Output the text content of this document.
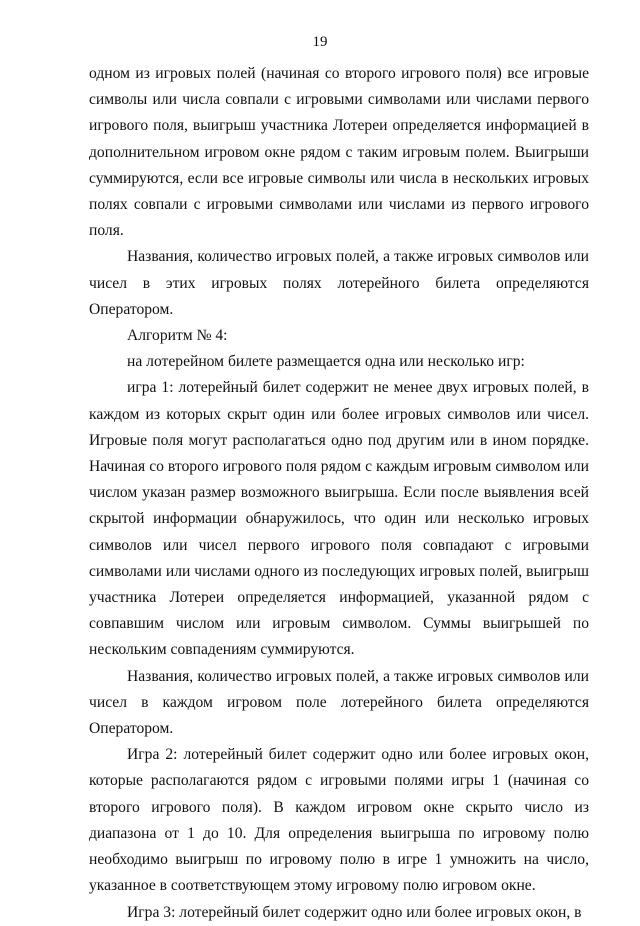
19

одном из игровых полей (начиная со второго игрового поля) все игровые символы или числа совпали с игровыми символами или числами первого игрового поля, выигрыш участника Лотереи определяется информацией в дополнительном игровом окне рядом с таким игровым полем. Выигрыши суммируются, если все игровые символы или числа в нескольких игровых полях совпали с игровыми символами или числами из первого игрового поля.

Названия, количество игровых полей, а также игровых символов или чисел в этих игровых полях лотерейного билета определяются Оператором.

Алгоритм № 4:

на лотерейном билете размещается одна или несколько игр:

игра 1: лотерейный билет содержит не менее двух игровых полей, в каждом из которых скрыт один или более игровых символов или чисел. Игровые поля могут располагаться одно под другим или в ином порядке. Начиная со второго игрового поля рядом с каждым игровым символом или числом указан размер возможного выигрыша. Если после выявления всей скрытой информации обнаружилось, что один или несколько игровых символов или чисел первого игрового поля совпадают с игровыми символами или числами одного из последующих игровых полей, выигрыш участника Лотереи определяется информацией, указанной рядом с совпавшим числом или игровым символом. Суммы выигрышей по нескольким совпадениям суммируются.

Названия, количество игровых полей, а также игровых символов или чисел в каждом игровом поле лотерейного билета определяются Оператором.

Игра 2: лотерейный билет содержит одно или более игровых окон, которые располагаются рядом с игровыми полями игры 1 (начиная со второго игрового поля). В каждом игровом окне скрыто число из диапазона от 1 до 10. Для определения выигрыша по игровому полю необходимо выигрыш по игровому полю в игре 1 умножить на число, указанное в соответствующем этому игровому полю игровом окне.

Игра 3: лотерейный билет содержит одно или более игровых окон, в
